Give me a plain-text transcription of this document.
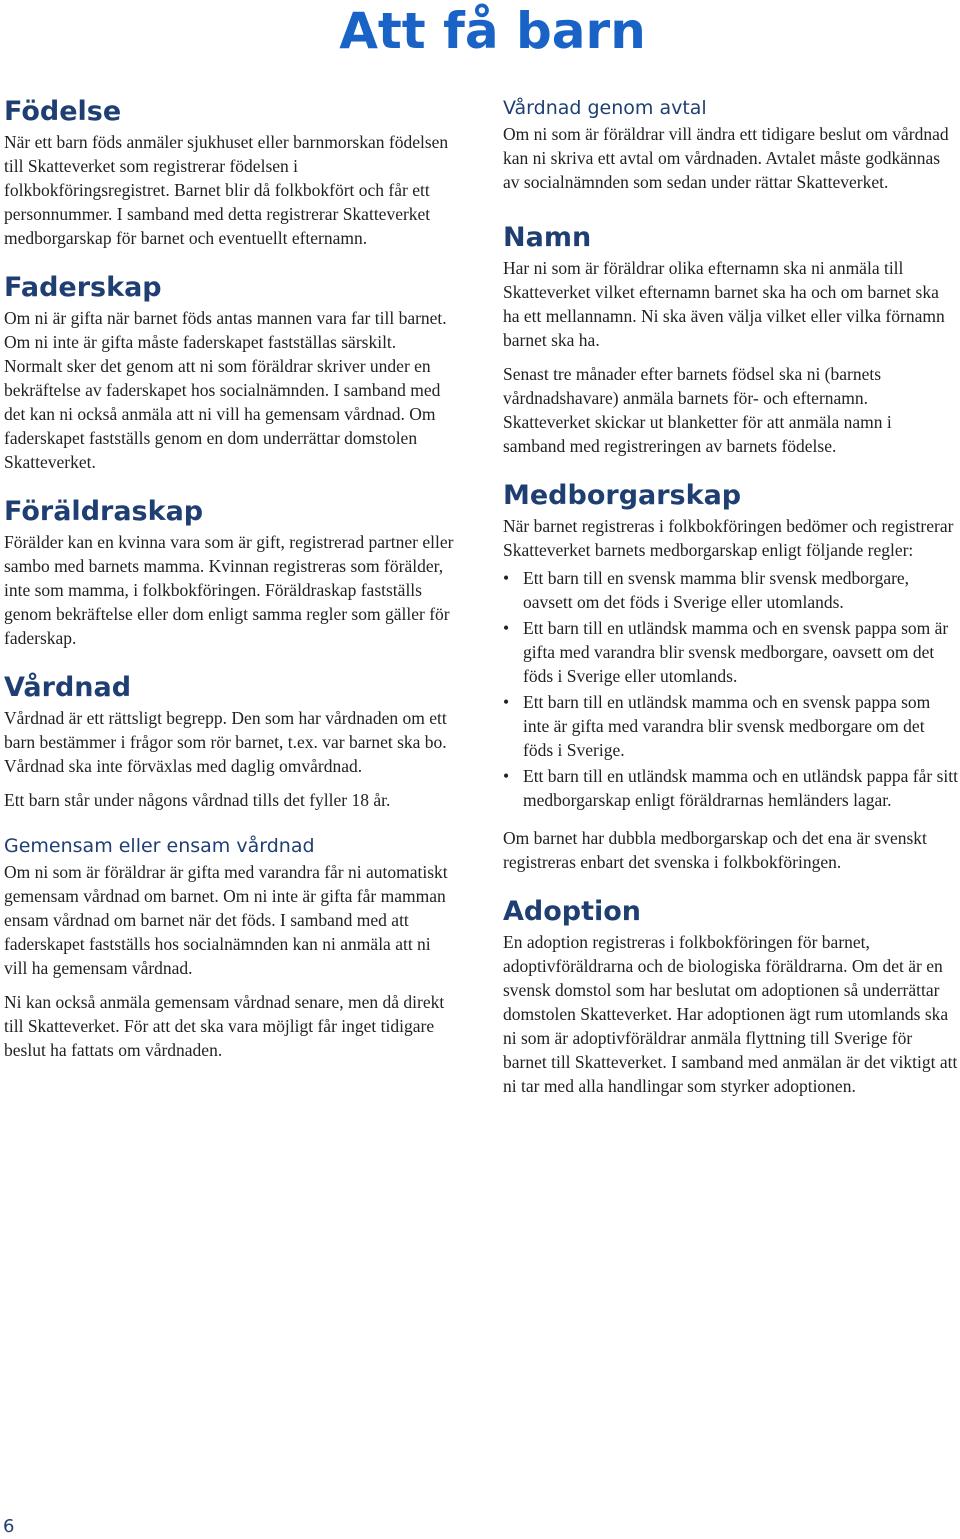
Att få barn
Födelse

När ett barn föds anmäler sjukhuset eller barnmorskan födelsen till Skatteverket som registrerar födelsen i folkbokföringsregistret. Barnet blir då folkbokfört och får ett personnummer. I samband med detta registrerar Skatteverket medborgarskap för barnet och eventuellt efternamn.

Faderskap

Om ni är gifta när barnet föds antas mannen vara far till barnet. Om ni inte är gifta måste faderskapet fastställas särskilt. Normalt sker det genom att ni som föräldrar skriver under en bekräftelse av faderskapet hos socialnämnden. I samband med det kan ni också anmäla att ni vill ha gemensam vårdnad. Om faderskapet fastställs genom en dom underrättar domstolen Skatteverket.

Föräldraskap

Förälder kan en kvinna vara som är gift, registrerad partner eller sambo med barnets mamma. Kvinnan registreras som förälder, inte som mamma, i folkbokföringen. Föräldraskap fastställs genom bekräftelse eller dom enligt samma regler som gäller för faderskap.

Vårdnad

Vårdnad är ett rättsligt begrepp. Den som har vårdnaden om ett barn bestämmer i frågor som rör barnet, t.ex. var barnet ska bo. Vårdnad ska inte förväxlas med daglig omvårdnad.

Ett barn står under någons vårdnad tills det fyller 18 år.

Gemensam eller ensam vårdnad

Om ni som är föräldrar är gifta med varandra får ni automatiskt gemensam vårdnad om barnet. Om ni inte är gifta får mamman ensam vårdnad om barnet när det föds. I samband med att faderskapet fastställs hos socialnämnden kan ni anmäla att ni vill ha gemensam vårdnad.

Ni kan också anmäla gemensam vårdnad senare, men då direkt till Skatteverket. För att det ska vara möjligt får inget tidigare beslut ha fattats om vårdnaden.

Vårdnad genom avtal

Om ni som är föräldrar vill ändra ett tidigare beslut om vårdnad kan ni skriva ett avtal om vårdnaden. Avtalet måste godkännas av socialnämnden som sedan under rättar Skatteverket.

Namn

Har ni som är föräldrar olika efternamn ska ni anmäla till Skatteverket vilket efternamn barnet ska ha och om barnet ska ha ett mellannamn. Ni ska även välja vilket eller vilka förnamn barnet ska ha.

Senast tre månader efter barnets födsel ska ni (barnets vårdnadshavare) anmäla barnets för- och efternamn. Skatteverket skickar ut blanketter för att anmäla namn i samband med registreringen av barnets födelse.

Medborgarskap

När barnet registreras i folkbokföringen bedömer och registrerar Skatteverket barnets medborgarskap enligt följande regler:

• Ett barn till en svensk mamma blir svensk medborgare, oavsett om det föds i Sverige eller utomlands.
• Ett barn till en utländsk mamma och en svensk pappa som är gifta med varandra blir svensk medborgare, oavsett om det föds i Sverige eller utomlands.
• Ett barn till en utländsk mamma och en svensk pappa som inte är gifta med varandra blir svensk medborgare om det föds i Sverige.
• Ett barn till en utländsk mamma och en utländsk pappa får sitt medborgarskap enligt föräldrarnas hemländers lagar.

Om barnet har dubbla medborgarskap och det ena är svenskt registreras enbart det svenska i folkbokföringen.

Adoption

En adoption registreras i folkbokföringen för barnet, adoptivföräldrarna och de biologiska föräldrarna. Om det är en svensk domstol som har beslutat om adoptionen så underrättar domstolen Skatteverket. Har adoptionen ägt rum utomlands ska ni som är adoptivföräldrar anmäla flyttning till Sverige för barnet till Skatteverket. I samband med anmälan är det viktigt att ni tar med alla handlingar som styrker adoptionen.

6
